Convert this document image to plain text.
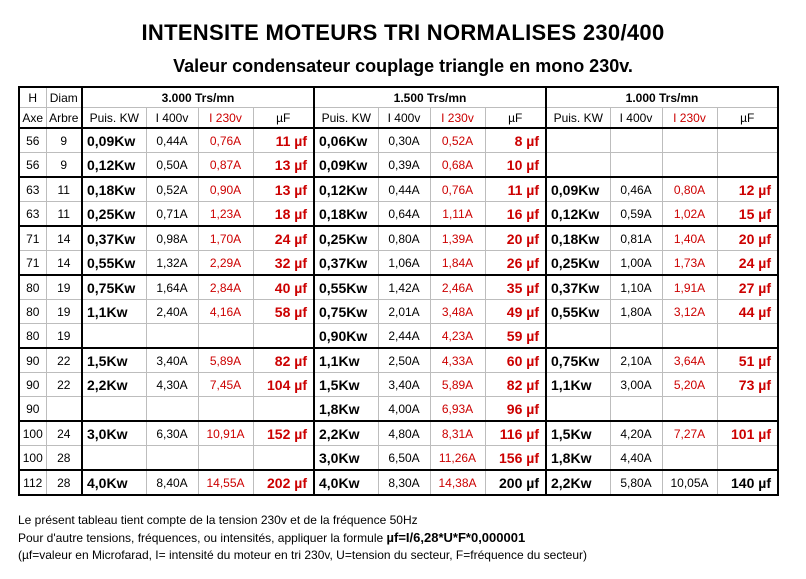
INTENSITE MOTEURS TRI NORMALISES 230/400
Valeur condensateur couplage triangle en mono 230v.
H	Diam	3.000 Trs/mn				1.500 Trs/mn				1.000 Trs/mn			
Axe	Arbre	Puis. KW	I 400v	I 230v	µF	Puis. KW	I 400v	I 230v	µF	Puis. KW	I 400v	I 230v	µF
56	9	0,09Kw	0,44A	0,76A	11 µf	0,06Kw	0,30A	0,52A	8 µf				
56	9	0,12Kw	0,50A	0,87A	13 µf	0,09Kw	0,39A	0,68A	10 µf				
63	11	0,18Kw	0,52A	0,90A	13 µf	0,12Kw	0,44A	0,76A	11 µf	0,09Kw	0,46A	0,80A	12 µf
63	11	0,25Kw	0,71A	1,23A	18 µf	0,18Kw	0,64A	1,11A	16 µf	0,12Kw	0,59A	1,02A	15 µf
71	14	0,37Kw	0,98A	1,70A	24 µf	0,25Kw	0,80A	1,39A	20 µf	0,18Kw	0,81A	1,40A	20 µf
71	14	0,55Kw	1,32A	2,29A	32 µf	0,37Kw	1,06A	1,84A	26 µf	0,25Kw	1,00A	1,73A	24 µf
80	19	0,75Kw	1,64A	2,84A	40 µf	0,55Kw	1,42A	2,46A	35 µf	0,37Kw	1,10A	1,91A	27 µf
80	19	1,1Kw	2,40A	4,16A	58 µf	0,75Kw	2,01A	3,48A	49 µf	0,55Kw	1,80A	3,12A	44 µf
80	19					0,90Kw	2,44A	4,23A	59 µf				
90	22	1,5Kw	3,40A	5,89A	82 µf	1,1Kw	2,50A	4,33A	60 µf	0,75Kw	2,10A	3,64A	51 µf
90	22	2,2Kw	4,30A	7,45A	104 µf	1,5Kw	3,40A	5,89A	82 µf	1,1Kw	3,00A	5,20A	73 µf
90						1,8Kw	4,00A	6,93A	96 µf				
100	24	3,0Kw	6,30A	10,91A	152 µf	2,2Kw	4,80A	8,31A	116 µf	1,5Kw	4,20A	7,27A	101 µf
100	28					3,0Kw	6,50A	11,26A	156 µf	1,8Kw	4,40A		
112	28	4,0Kw	8,40A	14,55A	202 µf	4,0Kw	8,30A	14,38A	200 µf	2,2Kw	5,80A	10,05A	140 µf
Le présent tableau tient compte de la tension 230v et de la fréquence 50Hz
Pour d'autre tensions, fréquences, ou intensités, appliquer la formule µf=I/6,28*U*F*0,000001
(µf=valeur en Microfarad, I= intensité du moteur en tri 230v, U=tension du secteur, F=fréquence du secteur)
